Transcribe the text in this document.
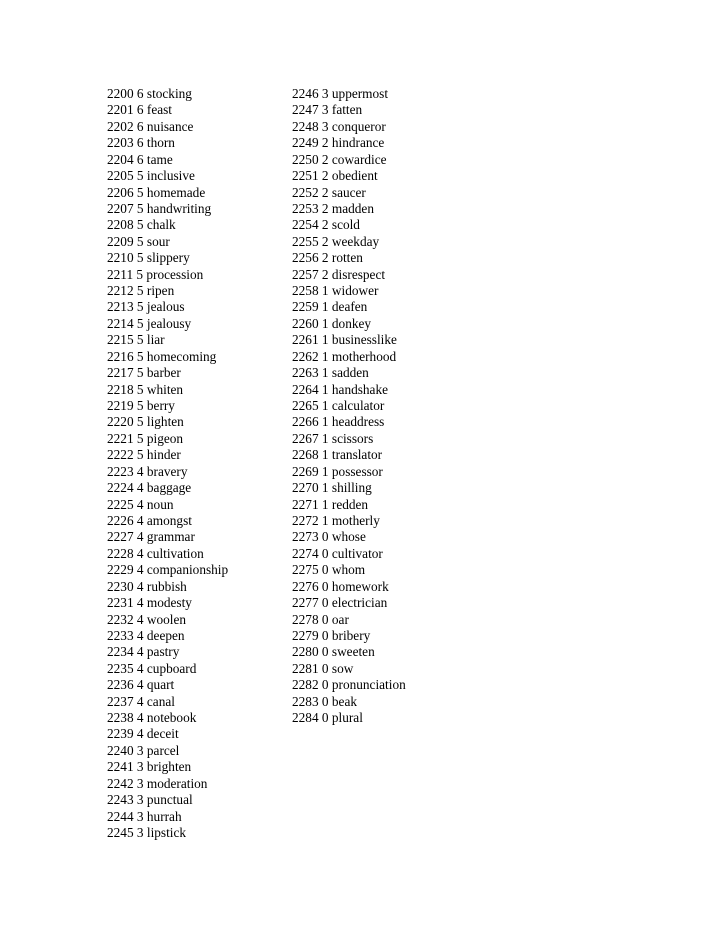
2200 6 stocking
2201 6 feast
2202 6 nuisance
2203 6 thorn
2204 6 tame
2205 5 inclusive
2206 5 homemade
2207 5 handwriting
2208 5 chalk
2209 5 sour
2210 5 slippery
2211 5 procession
2212 5 ripen
2213 5 jealous
2214 5 jealousy
2215 5 liar
2216 5 homecoming
2217 5 barber
2218 5 whiten
2219 5 berry
2220 5 lighten
2221 5 pigeon
2222 5 hinder
2223 4 bravery
2224 4 baggage
2225 4 noun
2226 4 amongst
2227 4 grammar
2228 4 cultivation
2229 4 companionship
2230 4 rubbish
2231 4 modesty
2232 4 woolen
2233 4 deepen
2234 4 pastry
2235 4 cupboard
2236 4 quart
2237 4 canal
2238 4 notebook
2239 4 deceit
2240 3 parcel
2241 3 brighten
2242 3 moderation
2243 3 punctual
2244 3 hurrah
2245 3 lipstick
2246 3 uppermost
2247 3 fatten
2248 3 conqueror
2249 2 hindrance
2250 2 cowardice
2251 2 obedient
2252 2 saucer
2253 2 madden
2254 2 scold
2255 2 weekday
2256 2 rotten
2257 2 disrespect
2258 1 widower
2259 1 deafen
2260 1 donkey
2261 1 businesslike
2262 1 motherhood
2263 1 sadden
2264 1 handshake
2265 1 calculator
2266 1 headdress
2267 1 scissors
2268 1 translator
2269 1 possessor
2270 1 shilling
2271 1 redden
2272 1 motherly
2273 0 whose
2274 0 cultivator
2275 0 whom
2276 0 homework
2277 0 electrician
2278 0 oar
2279 0 bribery
2280 0 sweeten
2281 0 sow
2282 0 pronunciation
2283 0 beak
2284 0 plural
